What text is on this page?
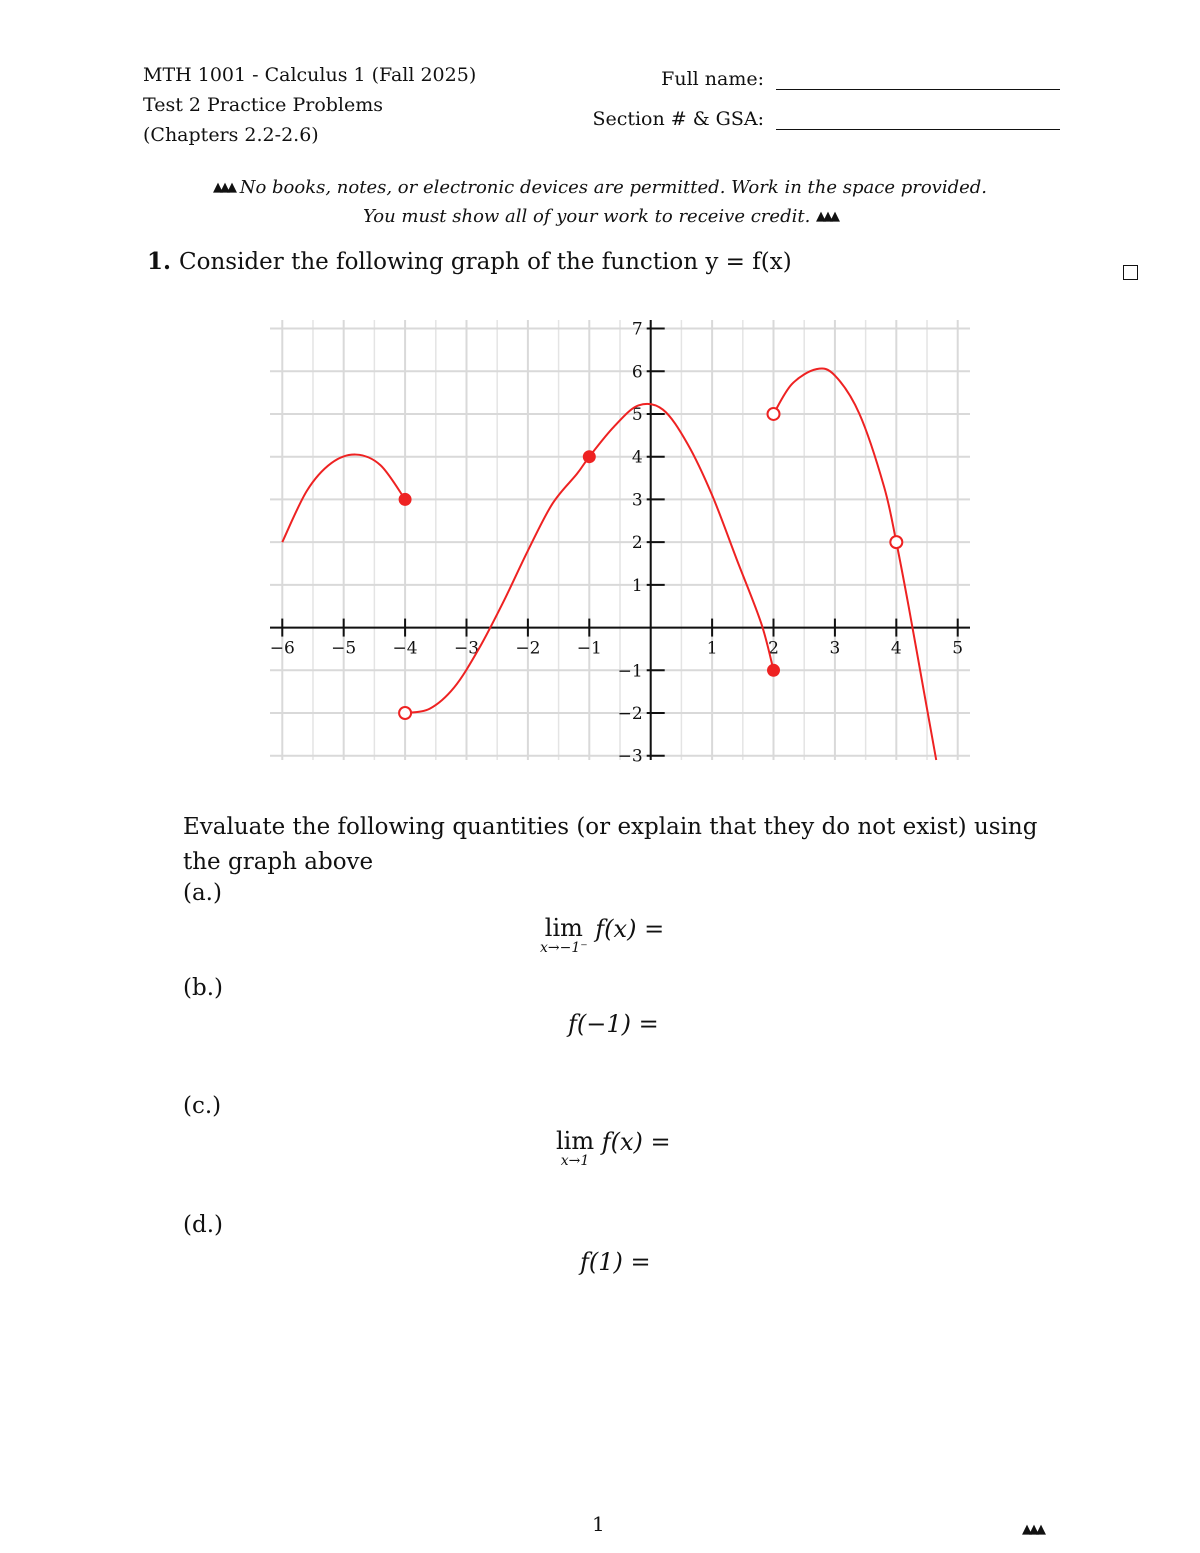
MTH 1001 - Calculus 1 (Fall 2025)
Test 2 Practice Problems
(Chapters 2.2-2.6)
Full name:
Section # & GSA:
▲▲▲ No books, notes, or electronic devices are permitted. Work in the space provided. You must show all of your work to receive credit. ▲▲▲
1. Consider the following graph of the function y = f(x)
−6 −5 −4 −3 −2 −1	1	2	3	4	5
−3
−2
−1
1
2
3
4
5
6
7
Evaluate the following quantities (or explain that they do not exist) using the graph above
(a.)
lim
x→−1⁻
f(x) =
(b.)
f(−1) =
(c.)
lim
x→1
f(x) =
(d.)
f(1) =
1	▲▲▲
